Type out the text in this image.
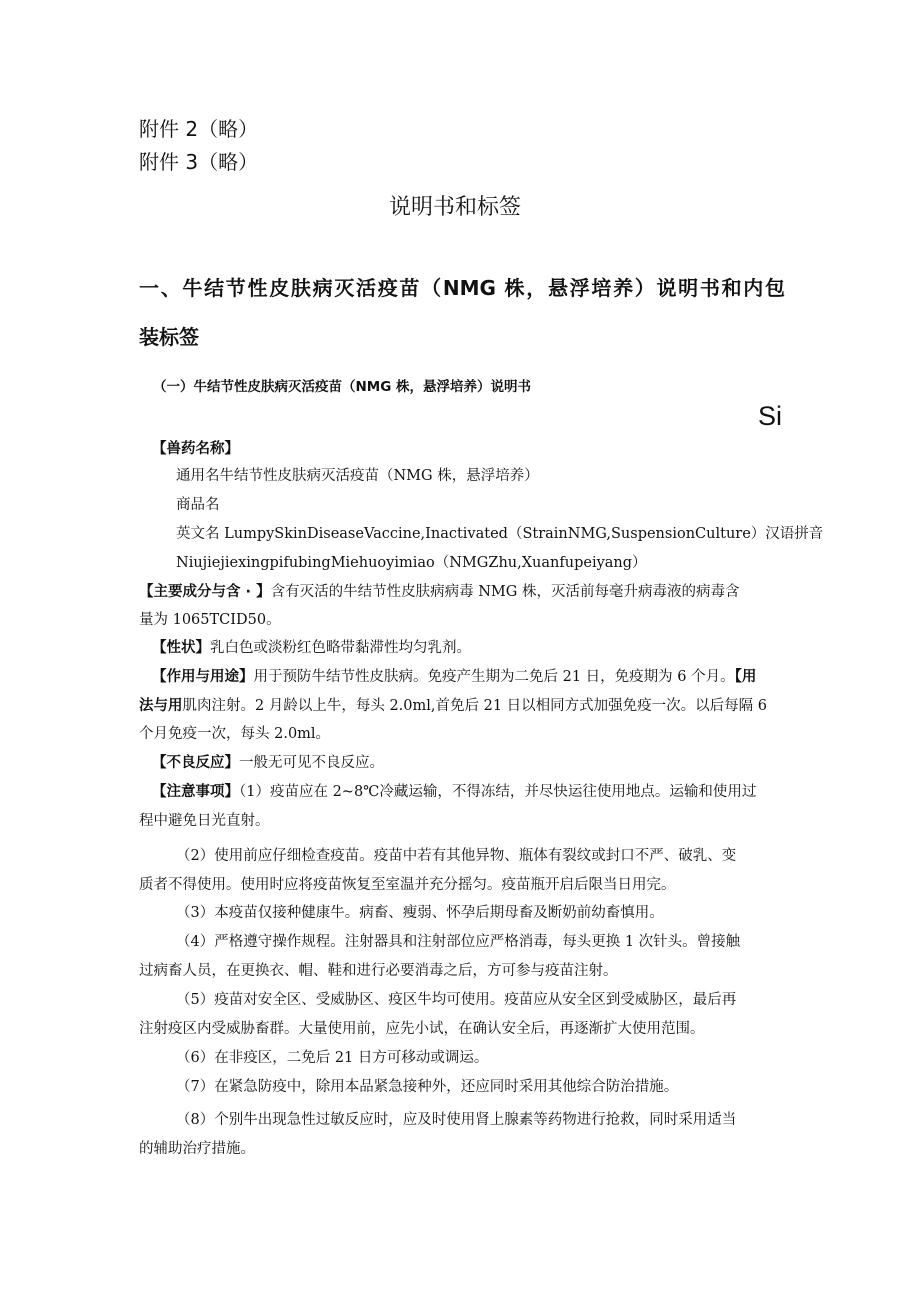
附件 2（略）
附件 3（略）
说明书和标签
一、牛结节性皮肤病灭活疫苗（NMG 株，悬浮培养）说明书和内包
装标签
（一）牛结节性皮肤病灭活疫苗（NMG 株，悬浮培养）说明书
Si
【兽药名称】
通用名牛结节性皮肤病灭活疫苗（NMG 株，悬浮培养）
商品名
英文名 LumpySkinDiseaseVaccine,Inactivated（StrainNMG,SuspensionCulture）汉语拼音
NiujiejiexingpifubingMiehuoyimiao（NMGZhu,Xuanfupeiyang）
【主要成分与含 · 】含有灭活的牛结节性皮肤病病毒 NMG 株，灭活前每毫升病毒液的病毒含
量为 1065TCID50。
【性状】乳白色或淡粉红色略带黏滞性均匀乳剂。
【作用与用途】用于预防牛结节性皮肤病。免疫产生期为二免后 21 日，免疫期为 6 个月。【用
法与用肌肉注射。2 月龄以上牛，每头 2.0ml,首免后 21 日以相同方式加强免疫一次。以后每隔 6
个月免疫一次，每头 2.0ml。
【不良反应】一般无可见不良反应。
【注意事项】（1）疫苗应在 2~8℃冷藏运输，不得冻结，并尽快运往使用地点。运输和使用过
程中避免日光直射。
（2）使用前应仔细检查疫苗。疫苗中若有其他异物、瓶体有裂纹或封口不严、破乳、变
质者不得使用。使用时应将疫苗恢复至室温并充分摇匀。疫苗瓶开启后限当日用完。
（3）本疫苗仅接种健康牛。病畜、瘦弱、怀孕后期母畜及断奶前幼畜慎用。
（4）严格遵守操作规程。注射器具和注射部位应严格消毒，每头更换 1 次针头。曾接触
过病畜人员，在更换衣、帽、鞋和进行必要消毒之后，方可参与疫苗注射。
（5）疫苗对安全区、受威胁区、疫区牛均可使用。疫苗应从安全区到受威胁区，最后再
注射疫区内受威胁畜群。大量使用前，应先小试，在确认安全后，再逐渐扩大使用范围。
（6）在非疫区，二免后 21 日方可移动或调运。
（7）在紧急防疫中，除用本品紧急接种外，还应同时采用其他综合防治措施。
（8）个别牛出现急性过敏反应时，应及时使用肾上腺素等药物进行抢救，同时采用适当
的辅助治疗措施。
